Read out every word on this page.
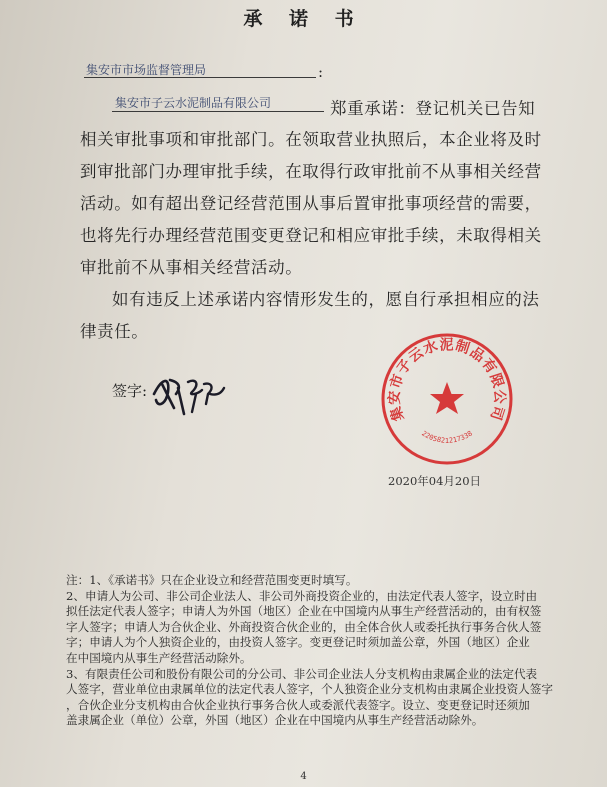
承 诺 书
集安市市场监督管理局	:
集安市子云水泥制品有限公司	郑重承诺：登记机关已告知
相关审批事项和审批部门。在领取营业执照后，本企业将及时
到审批部门办理审批手续，在取得行政审批前不从事相关经营
活动。如有超出登记经营范围从事后置审批事项经营的需要，
也将先行办理经营范围变更登记和相应审批手续，未取得相关
审批前不从事相关经营活动。
如有违反上述承诺内容情形发生的，愿自行承担相应的法
律责任。
签字:
集安市子云水泥制品有限公司
2205821217338
2020年04月20日
注：1、《承诺书》只在企业设立和经营范围变更时填写。
2、申请人为公司、非公司企业法人、非公司外商投资企业的，由法定代表人签字，设立时由
拟任法定代表人签字；申请人为外国（地区）企业在中国境内从事生产经营活动的，由有权签
字人签字；申请人为合伙企业、外商投资合伙企业的，由全体合伙人或委托执行事务合伙人签
字；申请人为个人独资企业的，由投资人签字。变更登记时须加盖公章，外国（地区）企业
在中国境内从事生产经营活动除外。
3、有限责任公司和股份有限公司的分公司、非公司企业法人分支机构由隶属企业的法定代表
人签字，营业单位由隶属单位的法定代表人签字，个人独资企业分支机构由隶属企业投资人签字
，合伙企业分支机构由合伙企业执行事务合伙人或委派代表签字。设立、变更登记时还须加
盖隶属企业（单位）公章，外国（地区）企业在中国境内从事生产经营活动除外。
4
